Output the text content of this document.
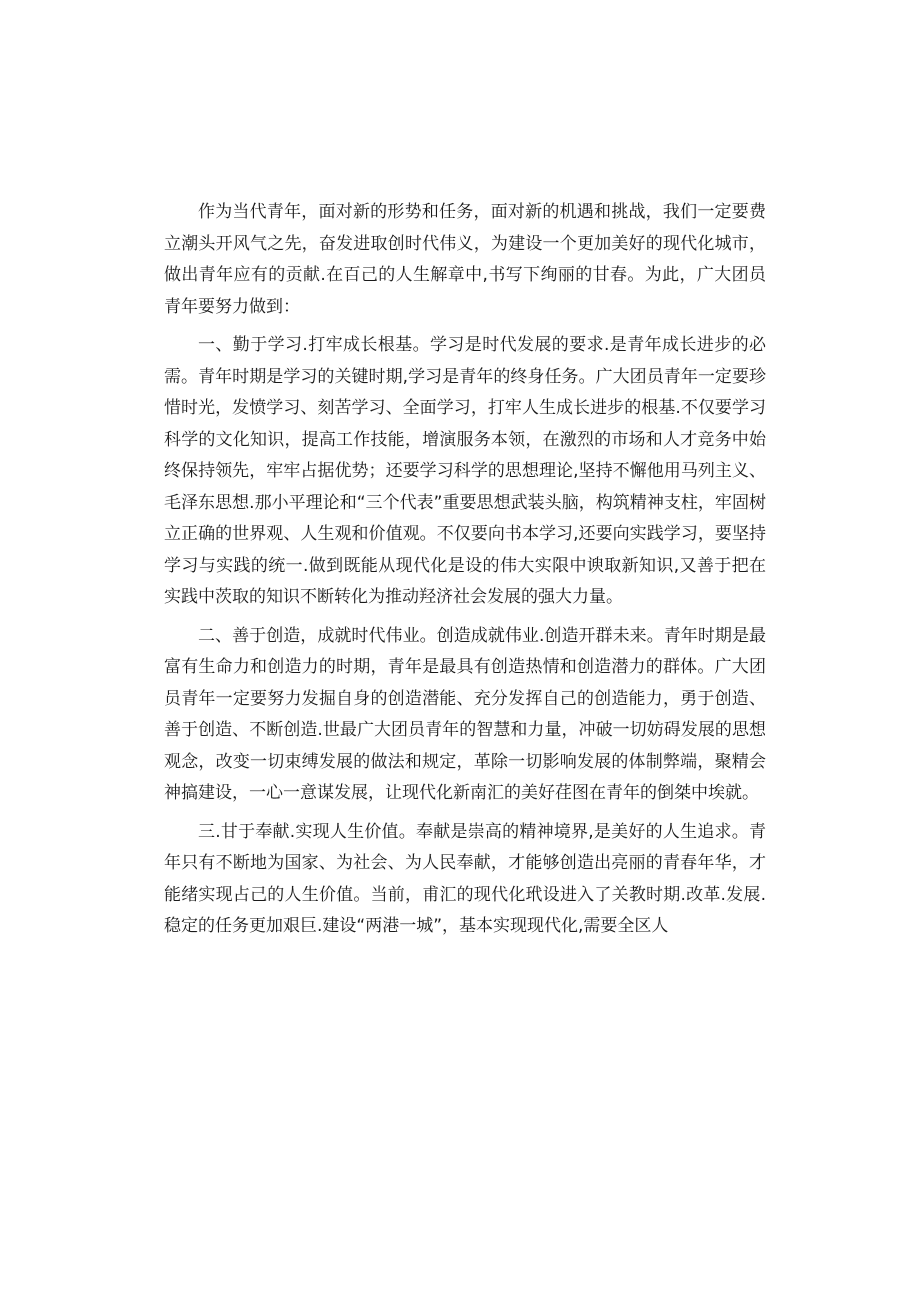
作为当代青年，面对新的形势和任务，面对新的机遇和挑战，我们一定要费立潮头开风气之先，奋发进取创时代伟义，为建设一个更加美好的现代化城市，做出青年应有的贡献.在百己的人生解章中,书写下绚丽的甘春。为此，广大团员青年要努力做到：

一、勤于学习.打牢成长根基。学习是时代发展的要求.是青年成长进步的必需。青年时期是学习的关键时期,学习是青年的终身任务。广大团员青年一定要珍惜时光，发愤学习、刻苦学习、全面学习，打牢人生成长进步的根基.不仅要学习科学的文化知识，提高工作技能，增演服务本领，在激烈的市场和人才竞务中始终保持领先，牢牢占据优势；还要学习科学的思想理论,坚持不懈他用马列主义、毛泽东思想.那小平理论和“三个代表”重要思想武装头脑，构筑精神支柱，牢固树立正确的世界观、人生观和价值观。不仅要向书本学习,还要向实践学习，要坚持学习与实践的统一.做到既能从现代化是设的伟大实限中谀取新知识,又善于把在实践中茨取的知识不断转化为推动羟济社会发展的强大力量。

二、善于创造，成就时代伟业。创造成就伟业.创造开群未来。青年时期是最富有生命力和创造力的时期，青年是最具有创造热情和创造潜力的群体。广大团员青年一定要努力发掘自身的创造潜能、充分发挥自己的创造能力，勇于创造、善于创造、不断创造.世最广大团员青年的智慧和力量，冲破一切妨碍发展的思想观念，改变一切束缚发展的做法和规定，革除一切影响发展的体制弊端，聚精会神搞建设，一心一意谋发展，让现代化新南汇的美好荏图在青年的倒桀中埃就。

三.甘于奉献.实现人生价值。奉献是崇高的精神境界,是美好的人生追求。青年只有不断地为国家、为社会、为人民奉献，才能够创造出亮丽的青春年华，才能绪实现占己的人生价值。当前，甫汇的现代化玳设进入了关教时期.改革.发展.稳定的任务更加艰巨.建设“两港一城”，基本实现现代化,需要全区人
